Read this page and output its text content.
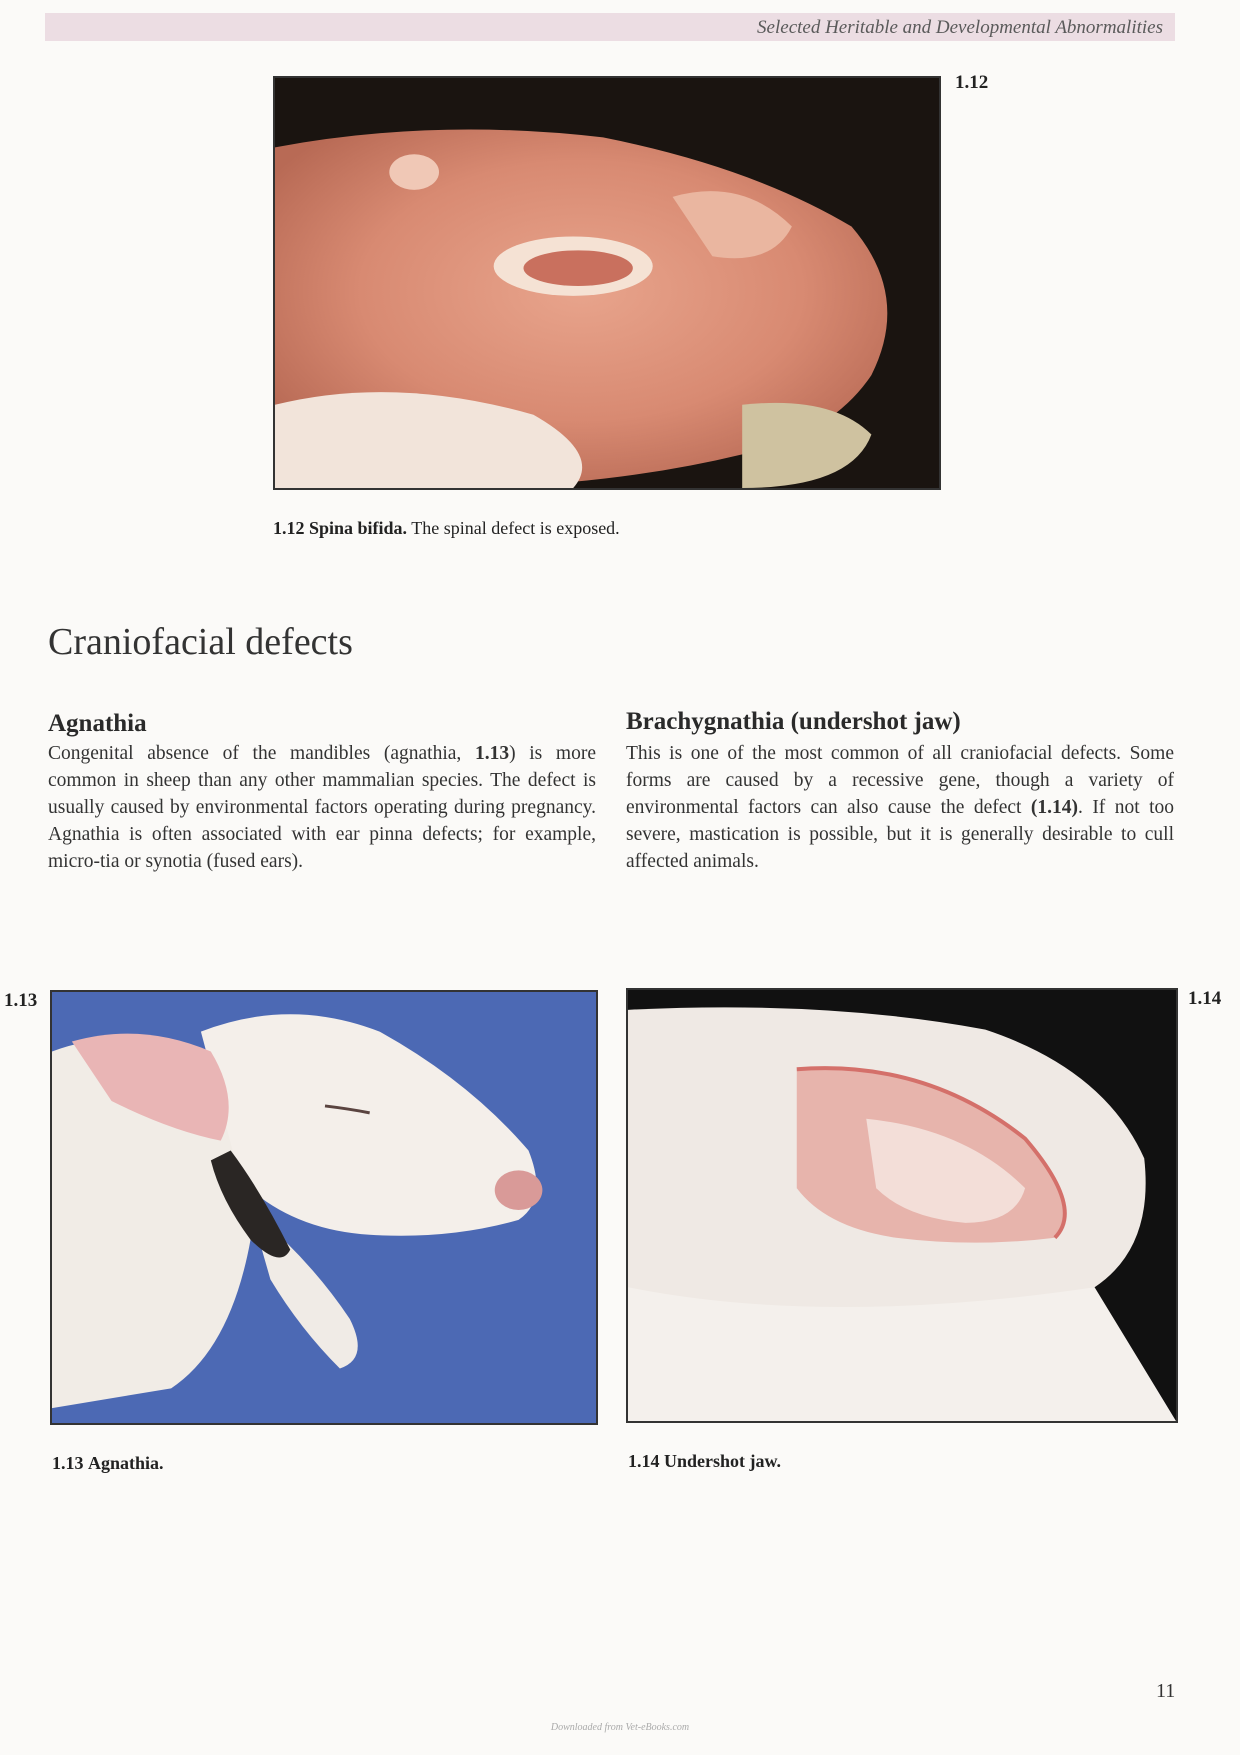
Selected Heritable and Developmental Abnormalities
1.12
1.12 Spina bifida. The spinal defect is exposed.
Craniofacial defects
Agnathia

Congenital absence of the mandibles (agnathia, 1.13) is more common in sheep than any other mammalian species. The defect is usually caused by environmental factors operating during pregnancy. Agnathia is often associated with ear pinna defects; for example, micro-tia or synotia (fused ears).

Brachygnathia (undershot jaw)

This is one of the most common of all craniofacial defects. Some forms are caused by a recessive gene, though a variety of environmental factors can also cause the defect (1.14). If not too severe, mastication is possible, but it is generally desirable to cull affected animals.

1.13
1.13 Agnathia.
1.14
1.14 Undershot jaw.
11
Downloaded from Vet-eBooks.com
